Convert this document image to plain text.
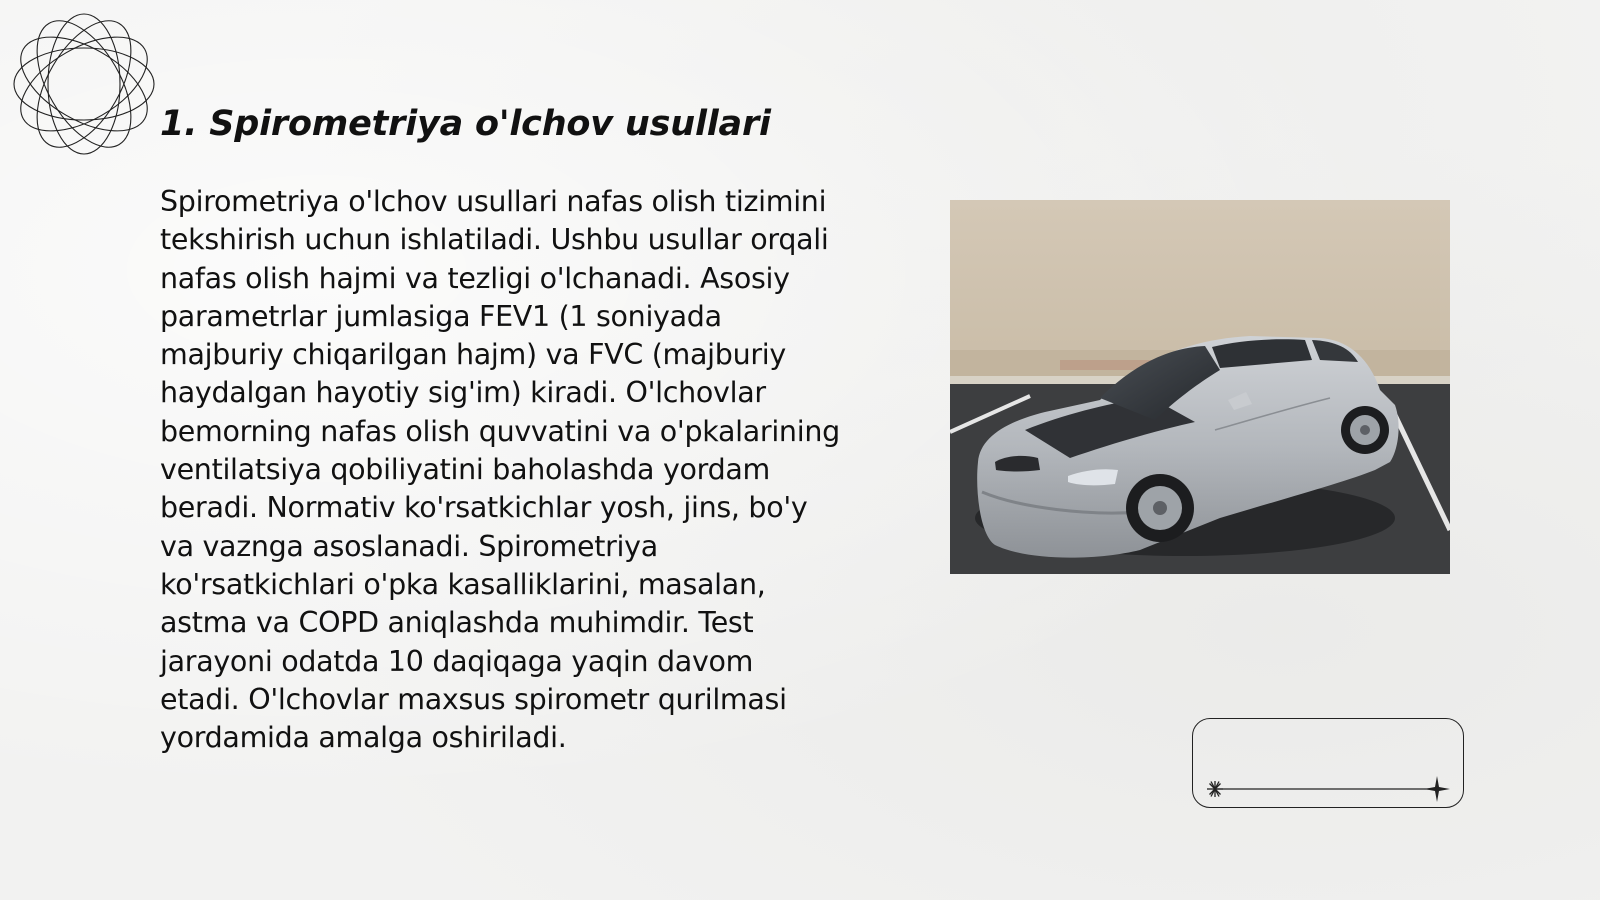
1. Spirometriya o'lchov usullari

Spirometriya o'lchov usullari nafas olish tizimini tekshirish uchun ishlatiladi. Ushbu usullar orqali nafas olish hajmi va tezligi o'lchanadi. Asosiy parametrlar jumlasiga FEV1 (1 soniyada majburiy chiqarilgan hajm) va FVC (majburiy haydalgan hayotiy sig'im) kiradi. O'lchovlar bemorning nafas olish quvvatini va o'pkalarining ventilatsiya qobiliyatini baholashda yordam beradi. Normativ ko'rsatkichlar yosh, jins, bo'y va vaznga asoslanadi. Spirometriya ko'rsatkichlari o'pka kasalliklarini, masalan, astma va COPD aniqlashda muhimdir. Test jarayoni odatda 10 daqiqaga yaqin davom etadi. O'lchovlar maxsus spirometr qurilmasi yordamida amalga oshiriladi.
